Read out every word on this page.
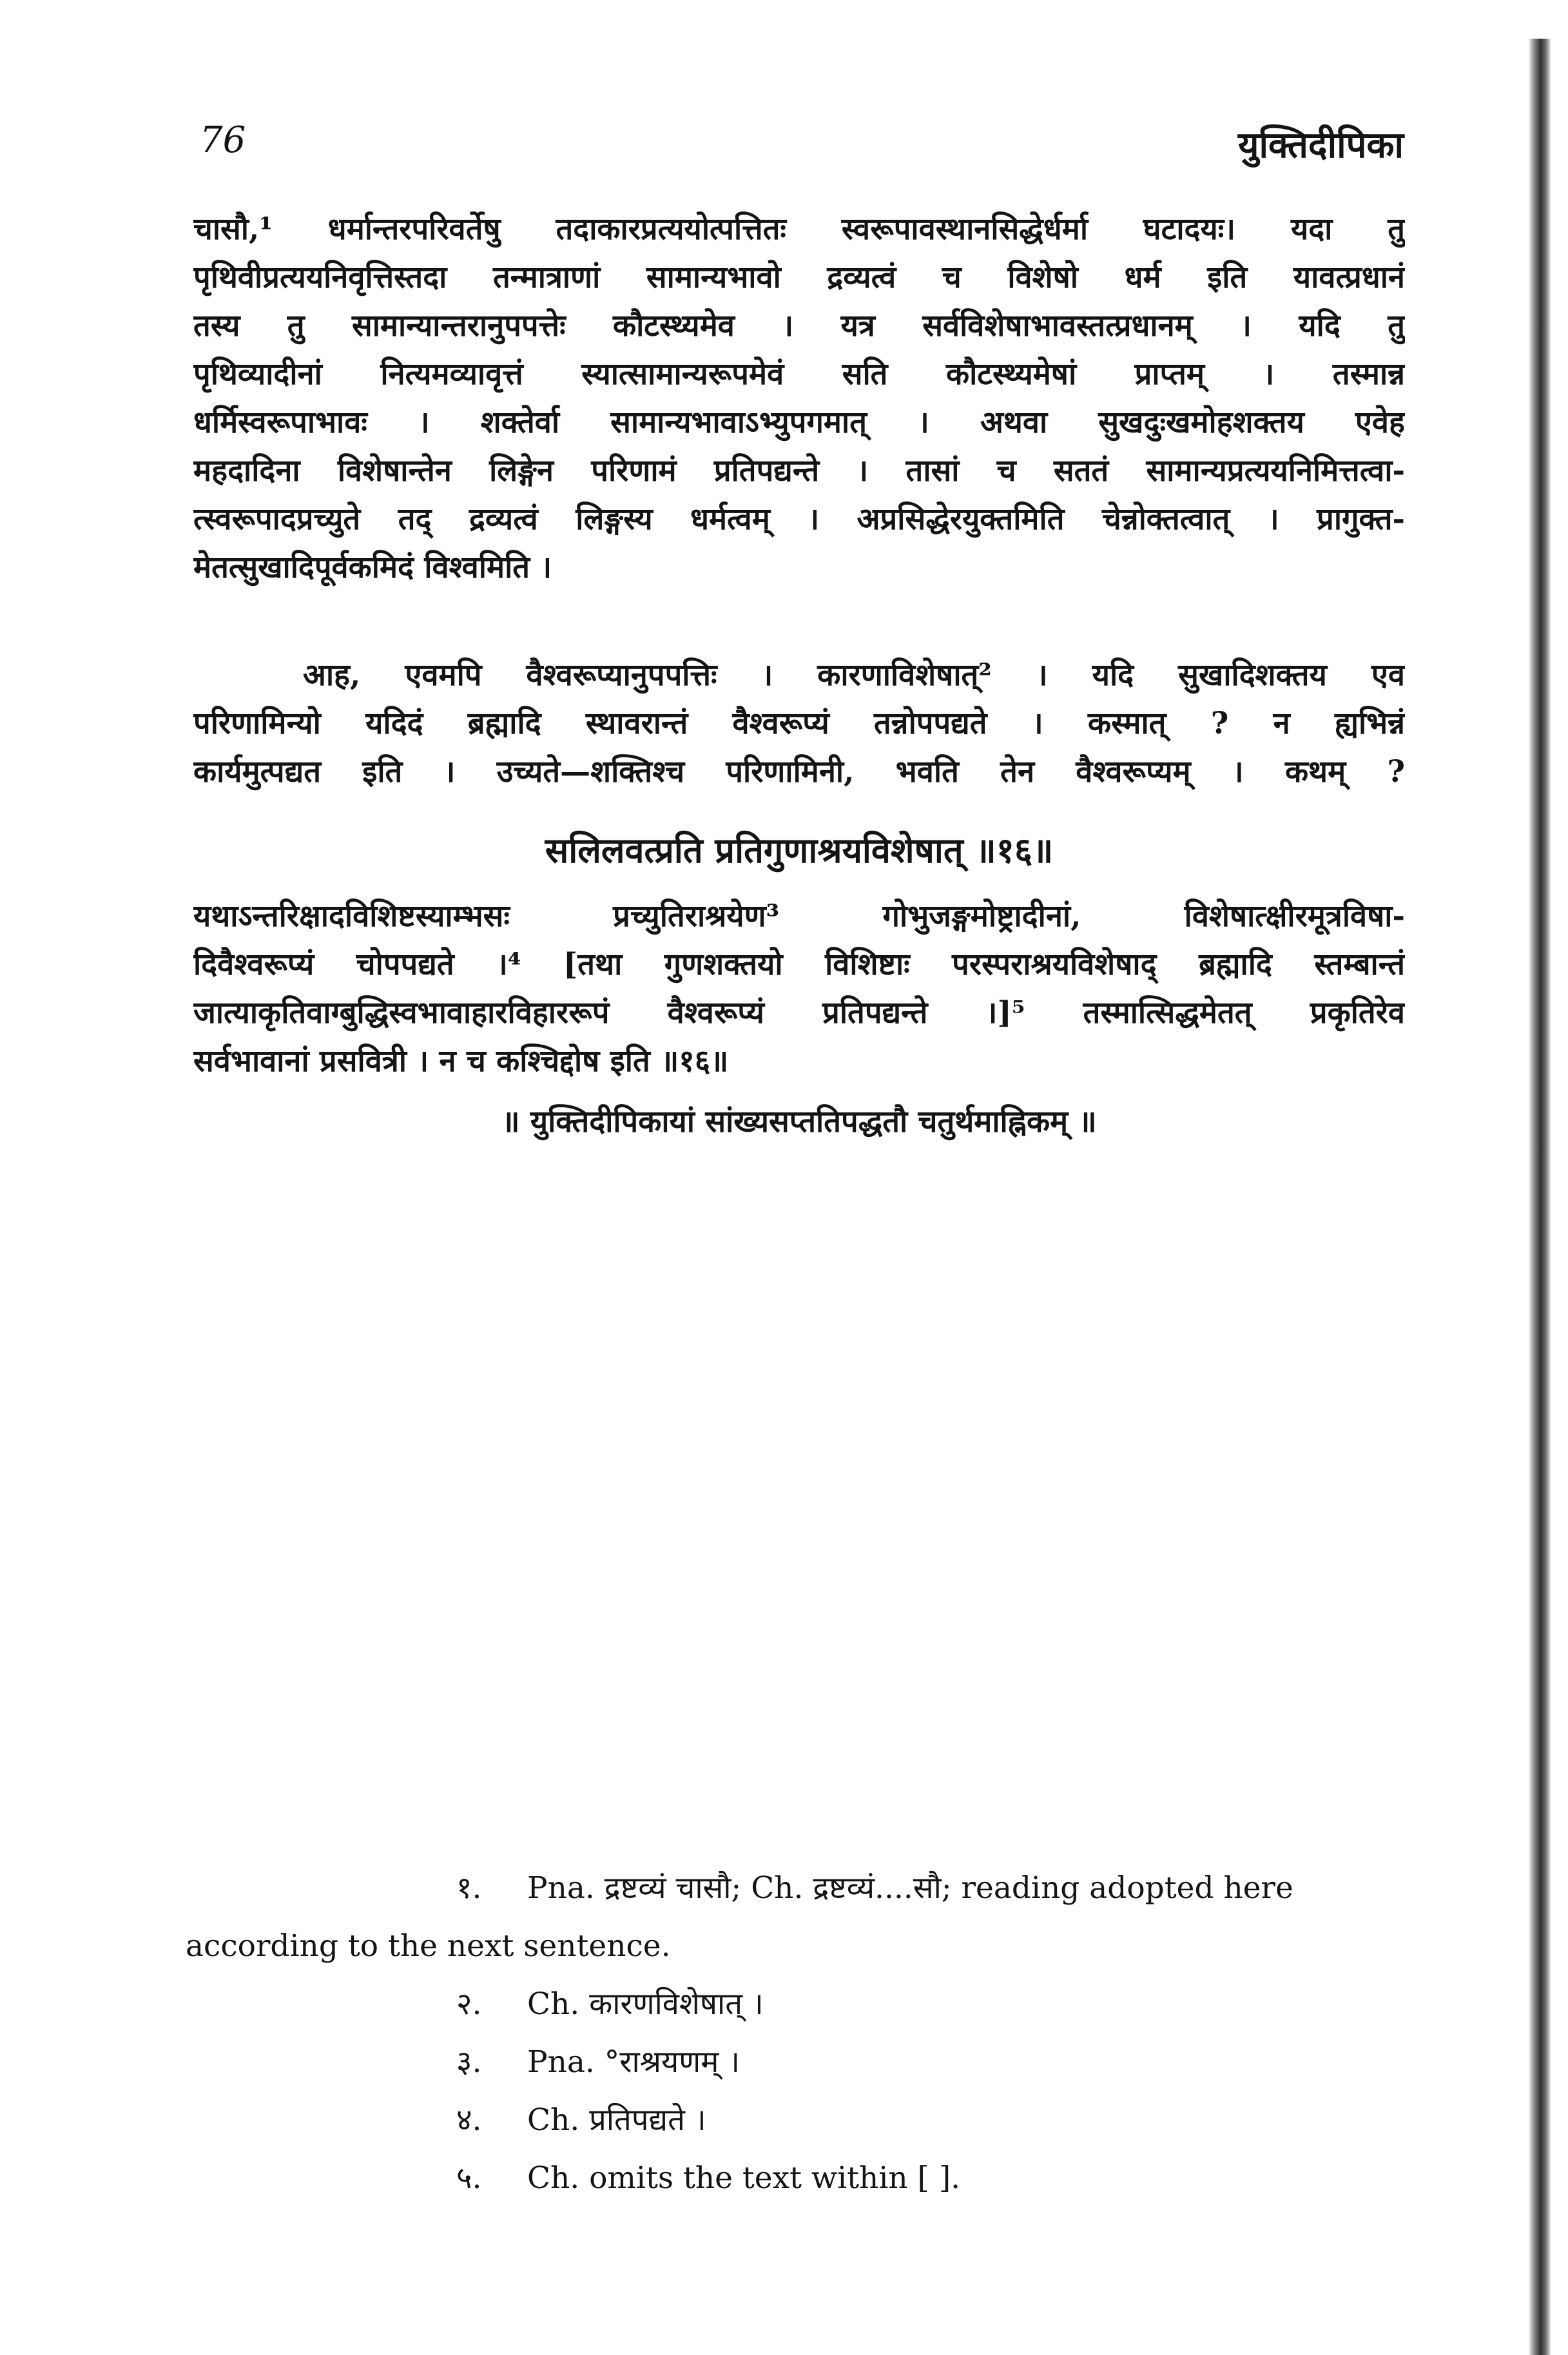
76	युक्तिदीपिका
चासौ,¹ धर्मान्तरपरिवर्तेषु तदाकारप्रत्ययोत्पत्तितः स्वरूपावस्थानसिद्धेर्धर्मा घटादयः। यदा तु
पृथिवीप्रत्ययनिवृत्तिस्तदा तन्मात्राणां सामान्यभावो द्रव्यत्वं च विशेषो धर्म इति यावत्प्रधानं
तस्य तु सामान्यान्तरानुपपत्तेः कौटस्थ्यमेव । यत्र सर्वविशेषाभावस्तत्प्रधानम् । यदि तु
पृथिव्यादीनां नित्यमव्यावृत्तं स्यात्सामान्यरूपमेवं सति कौटस्थ्यमेषां प्राप्तम् । तस्मान्न
धर्मिस्वरूपाभावः । शक्तेर्वा सामान्यभावाऽभ्युपगमात् । अथवा सुखदुःखमोहशक्तय एवेह
महदादिना विशेषान्तेन लिङ्गेन परिणामं प्रतिपद्यन्ते । तासां च सततं सामान्यप्रत्ययनिमित्तत्वा-
त्स्वरूपादप्रच्युते तद् द्रव्यत्वं लिङ्गस्य धर्मत्वम् । अप्रसिद्धेरयुक्तमिति चेन्नोक्तत्वात् । प्रागुक्त-
मेतत्सुखादिपूर्वकमिदं विश्वमिति ।
आह, एवमपि वैश्वरूप्यानुपपत्तिः । कारणाविशेषात्² । यदि सुखादिशक्तय एव
परिणामिन्यो यदिदं ब्रह्मादि स्थावरान्तं वैश्वरूप्यं तन्नोपपद्यते । कस्मात् ? न ह्यभिन्नं
कार्यमुत्पद्यत इति । उच्यते—शक्तिश्च परिणामिनी, भवति तेन वैश्वरूप्यम् । कथम् ?
सलिलवत्प्रति प्रतिगुणाश्रयविशेषात् ॥१६॥
यथाऽन्तरिक्षादविशिष्टस्याम्भसः प्रच्युतिराश्रयेण³ गोभुजङ्गमोष्ट्रादीनां, विशेषात्क्षीरमूत्रविषा-
दिवैश्वरूप्यं चोपपद्यते ।⁴ [तथा गुणशक्तयो विशिष्टाः परस्पराश्रयविशेषाद् ब्रह्मादि स्तम्बान्तं
जात्याकृतिवाग्बुद्धिस्वभावाहारविहाररूपं वैश्वरूप्यं प्रतिपद्यन्ते ।]⁵ तस्मात्सिद्धमेतत् प्रकृतिरेव
सर्वभावानां प्रसवित्री । न च कश्चिद्दोष इति ॥१६॥
॥ युक्तिदीपिकायां सांख्यसप्ततिपद्धतौ चतुर्थमाह्निकम् ॥
१. Pna. द्रष्टव्यं चासौ; Ch. द्रष्टव्यं....सौ; reading adopted here
according to the next sentence.
२. Ch. कारणविशेषात् ।
३. Pna. °राश्रयणम् ।
४. Ch. प्रतिपद्यते ।
५. Ch. omits the text within [ ].
